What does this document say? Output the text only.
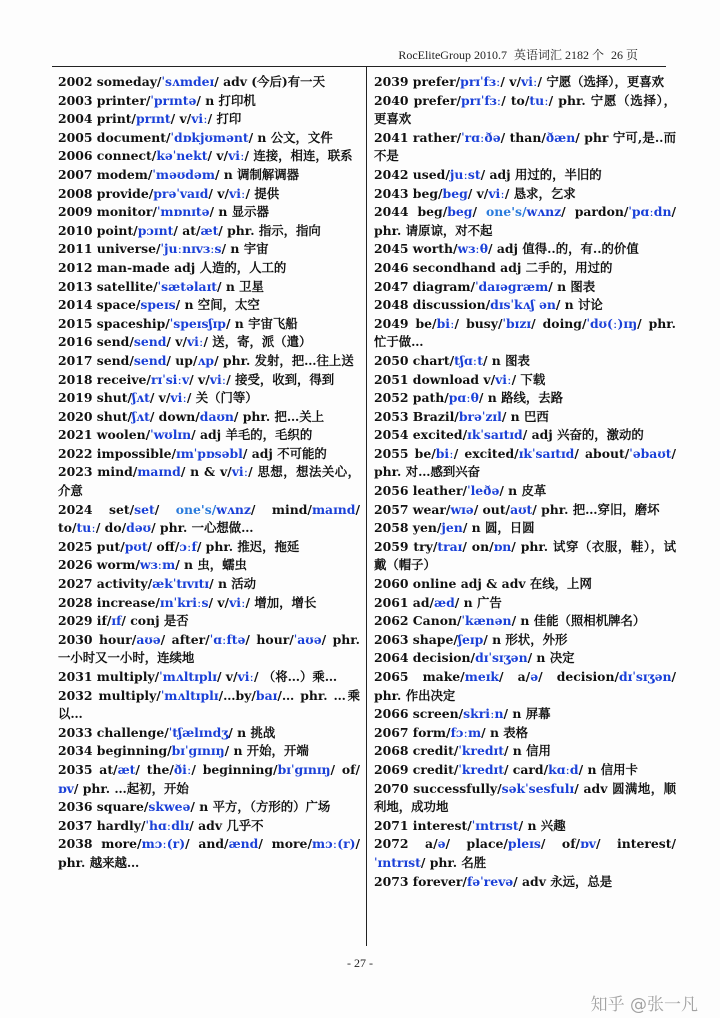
RocEliteGroup 2010.7 英语词汇 2182 个 26 页
2002 someday/ˈsʌmdeɪ/ adv (今后)有一天
2003 printer/ˈprɪntə/ n 打印机
2004 print/prɪnt/ v/viː/ 打印
2005 document/ˈdɒkjʊmənt/ n 公文，文件
2006 connect/kəˈnekt/ v/viː/ 连接，相连，联系
2007 modem/ˈməʊdəm/ n 调制解调器
2008 provide/prəˈvaɪd/ v/viː/ 提供
2009 monitor/ˈmɒnɪtə/ n 显示器
2010 point/pɔɪnt/ at/æt/ phr. 指示，指向
2011 universe/ˈjuːnɪvɜːs/ n 宇宙
2012 man-made adj 人造的，人工的
2013 satellite/ˈsætəlaɪt/ n 卫星
2014 space/speɪs/ n 空间，太空
2015 spaceship/ˈspeɪsʃɪp/ n 宇宙飞船
2016 send/send/ v/viː/ 送，寄，派（遣）
2017 send/send/ up/ʌp/ phr. 发射，把…往上送
2018 receive/rɪˈsiːv/ v/viː/ 接受，收到，得到
2019 shut/ʃʌt/ v/viː/ 关（门等）
2020 shut/ʃʌt/ down/daʊn/ phr. 把…关上
2021 woolen/ˈwʊlɪn/ adj 羊毛的，毛织的
2022 impossible/ɪmˈpɒsəbl/ adj 不可能的
2023 mind/maɪnd/ n & v/viː/ 思想，想法关心，介意
2024 set/set/ one's/wʌnz/ mind/maɪnd/ to/tuː/ do/dəʊ/ phr. 一心想做…
2025 put/pʊt/ off/ɔːf/ phr. 推迟，拖延
2026 worm/wɜːm/ n 虫，蠕虫
2027 activity/ækˈtɪvɪtɪ/ n 活动
2028 increase/ɪnˈkriːs/ v/viː/ 增加，增长
2029 if/ɪf/ conj 是否
2030 hour/aʊə/ after/ˈɑːftə/ hour/ˈaʊə/ phr. 一小时又一小时，连续地
2031 multiply/ˈmʌltɪplɪ/ v/viː/ （将…）乘…
2032 multiply/ˈmʌltɪplɪ/…by/baɪ/… phr. …乘以…
2033 challenge/ˈtʃælɪndʒ/ n 挑战
2034 beginning/bɪˈgɪnɪŋ/ n 开始，开端
2035 at/æt/ the/ðiː/ beginning/bɪˈgɪnɪŋ/ of/ɒv/ phr. …起初，开始
2036 square/skweə/ n 平方，（方形的）广场
2037 hardly/ˈhɑːdlɪ/ adv 几乎不
2038 more/mɔː(r)/ and/ænd/ more/mɔː(r)/ phr. 越来越…
2039 prefer/prɪˈfɜː/ v/viː/ 宁愿（选择），更喜欢
2040 prefer/prɪˈfɜː/ to/tuː/ phr. 宁愿（选择），更喜欢
2041 rather/ˈrɑːðə/ than/ðæn/ phr 宁可,是..而不是
2042 used/juːst/ adj 用过的，半旧的
2043 beg/beg/ v/viː/ 恳求，乞求
2044 beg/beg/ one's/wʌnz/ pardon/ˈpɑːdn/ phr. 请原谅，对不起
2045 worth/wɜːθ/ adj 值得..的，有..的价值
2046 secondhand adj 二手的，用过的
2047 diagram/ˈdaɪəgræm/ n 图表
2048 discussion/dɪsˈkʌʃ ən/ n 讨论
2049 be/biː/ busy/ˈbɪzɪ/ doing/ˈdʊ(ː)ɪŋ/ phr. 忙于做…
2050 chart/tʃɑːt/ n 图表
2051 download v/viː/ 下载
2052 path/pɑːθ/ n 路线，去路
2053 Brazil/brəˈzɪl/ n 巴西
2054 excited/ɪkˈsaɪtɪd/ adj 兴奋的，激动的
2055 be/biː/ excited/ɪkˈsaɪtɪd/ about/ˈəbaʊt/ phr. 对…感到兴奋
2056 leather/ˈleðə/ n 皮革
2057 wear/wɪə/ out/aʊt/ phr. 把…穿旧，磨坏
2058 yen/jen/ n 圆，日圆
2059 try/traɪ/ on/ɒn/ phr. 试穿（衣服，鞋），试戴（帽子）
2060 online adj & adv 在线，上网
2061 ad/æd/ n 广告
2062 Canon/ˈkænən/ n 佳能（照相机牌名）
2063 shape/ʃeɪp/ n 形状，外形
2064 decision/dɪˈsɪʒən/ n 决定
2065 make/meɪk/ a/ə/ decision/dɪˈsɪʒən/ phr. 作出决定
2066 screen/skriːn/ n 屏幕
2067 form/fɔːm/ n 表格
2068 credit/ˈkredɪt/ n 信用
2069 credit/ˈkredɪt/ card/kɑːd/ n 信用卡
2070 successfully/səkˈsesfulɪ/ adv 圆满地，顺利地，成功地
2071 interest/ˈɪntrɪst/ n 兴趣
2072 a/ə/ place/pleɪs/ of/ɒv/ interest/ˈɪntrɪst/ phr. 名胜
2073 forever/fəˈrevə/ adv 永远，总是
- 27 -
知乎 @张一凡
